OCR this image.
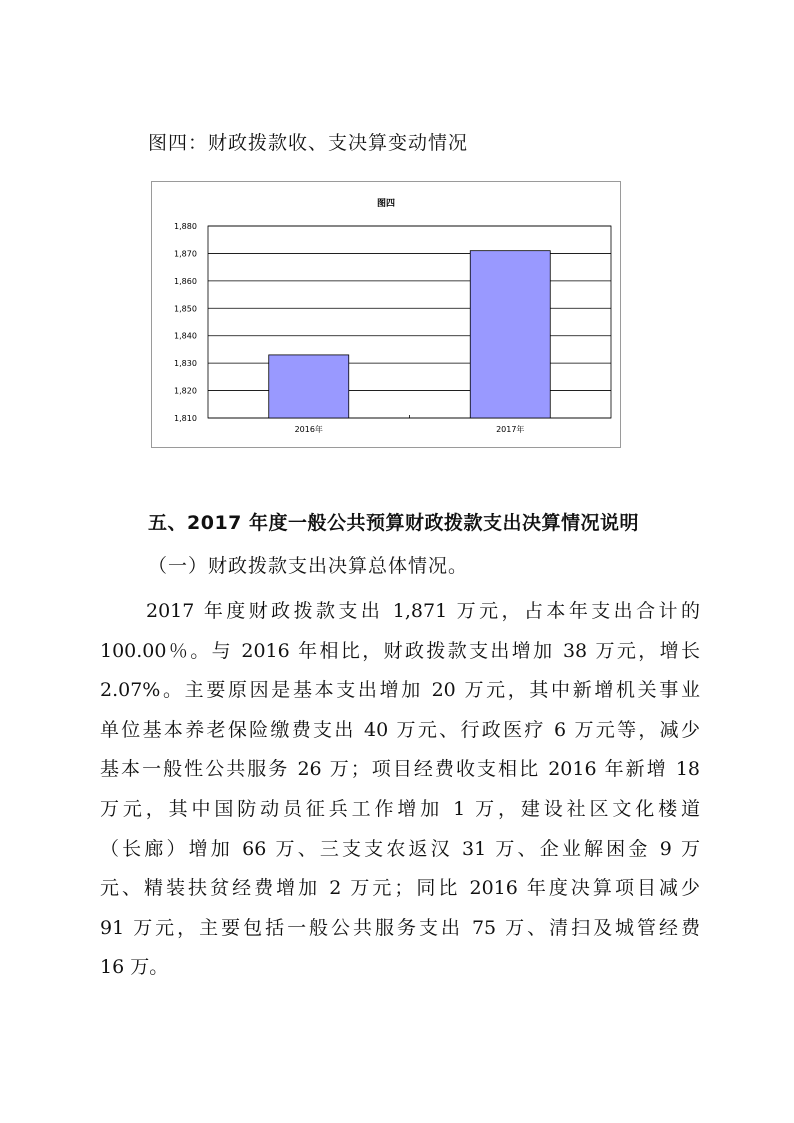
图四：财政拨款收、支决算变动情况
图四
1,810
1,820
1,830
1,840
1,850
1,860
1,870
1,880
2016年	2017年
五、2017 年度一般公共预算财政拨款支出决算情况说明
（一）财政拨款支出决算总体情况。
2017 年度财政拨款支出 1,871 万元，占本年支出合计的
100.00％。与 2016 年相比，财政拨款支出增加 38 万元，增长
2.07%。主要原因是基本支出增加 20 万元，其中新增机关事业
单位基本养老保险缴费支出 40 万元、行政医疗 6 万元等，减少
基本一般性公共服务 26 万；项目经费收支相比 2016 年新增 18
万元，其中国防动员征兵工作增加 1 万，建设社区文化楼道
（长廊）增加 66 万、三支支农返汉 31 万、企业解困金 9 万
元、精装扶贫经费增加 2 万元；同比 2016 年度决算项目减少
91 万元，主要包括一般公共服务支出 75 万、清扫及城管经费
16 万。
